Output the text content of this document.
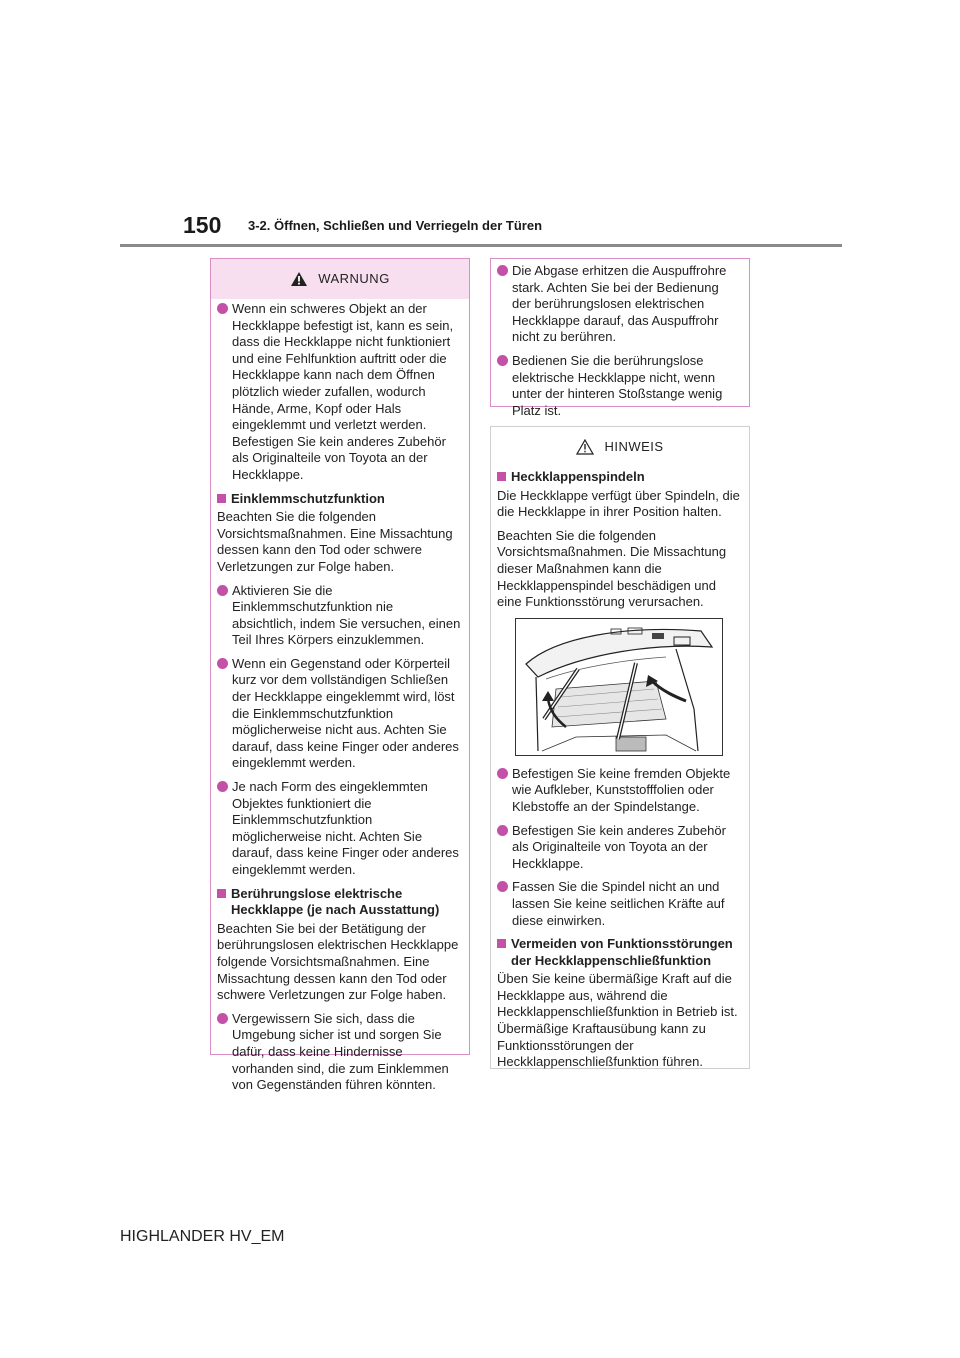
150 3-2. Öffnen, Schließen und Verriegeln der Türen
WARNUNG
Wenn ein schweres Objekt an der Heckklappe befestigt ist, kann es sein, dass die Heckklappe nicht funktioniert und eine Fehlfunktion auftritt oder die Heckklappe kann nach dem Öffnen plötzlich wieder zufallen, wodurch Hände, Arme, Kopf oder Hals eingeklemmt und verletzt werden. Befestigen Sie kein anderes Zubehör als Originalteile von Toyota an der Heckklappe.
Einklemmschutzfunktion
Beachten Sie die folgenden Vorsichtsmaßnahmen. Eine Missachtung dessen kann den Tod oder schwere Verletzungen zur Folge haben.
Aktivieren Sie die Einklemmschutzfunktion nie absichtlich, indem Sie versuchen, einen Teil Ihres Körpers einzuklemmen.
Wenn ein Gegenstand oder Körperteil kurz vor dem vollständigen Schließen der Heckklappe eingeklemmt wird, löst die Einklemmschutzfunktion möglicherweise nicht aus. Achten Sie darauf, dass keine Finger oder anderes eingeklemmt werden.
Je nach Form des eingeklemmten Objektes funktioniert die Einklemmschutzfunktion möglicherweise nicht. Achten Sie darauf, dass keine Finger oder anderes eingeklemmt werden.
Berührungslose elektrische Heckklappe (je nach Ausstattung)
Beachten Sie bei der Betätigung der berührungslosen elektrischen Heckklappe folgende Vorsichtsmaßnahmen. Eine Missachtung dessen kann den Tod oder schwere Verletzungen zur Folge haben.
Vergewissern Sie sich, dass die Umgebung sicher ist und sorgen Sie dafür, dass keine Hindernisse vorhanden sind, die zum Einklemmen von Gegenständen führen könnten.
Die Abgase erhitzen die Auspuffrohre stark. Achten Sie bei der Bedienung der berührungslosen elektrischen Heckklappe darauf, das Auspuffrohr nicht zu berühren.
Bedienen Sie die berührungslose elektrische Heckklappe nicht, wenn unter der hinteren Stoßstange wenig Platz ist.
HINWEIS
Heckklappenspindeln
Die Heckklappe verfügt über Spindeln, die die Heckklappe in ihrer Position halten.
Beachten Sie die folgenden Vorsichtsmaßnahmen. Die Missachtung dieser Maßnahmen kann die Heckklappenspindel beschädigen und eine Funktionsstörung verursachen.
Befestigen Sie keine fremden Objekte wie Aufkleber, Kunststofffolien oder Klebstoffe an der Spindelstange.
Befestigen Sie kein anderes Zubehör als Originalteile von Toyota an der Heckklappe.
Fassen Sie die Spindel nicht an und lassen Sie keine seitlichen Kräfte auf diese einwirken.
Vermeiden von Funktionsstörungen der Heckklappenschließfunktion
Üben Sie keine übermäßige Kraft auf die Heckklappe aus, während die Heckklappenschließfunktion in Betrieb ist. Übermäßige Kraftausübung kann zu Funktionsstörungen der Heckklappenschließfunktion führen.
HIGHLANDER HV_EM
